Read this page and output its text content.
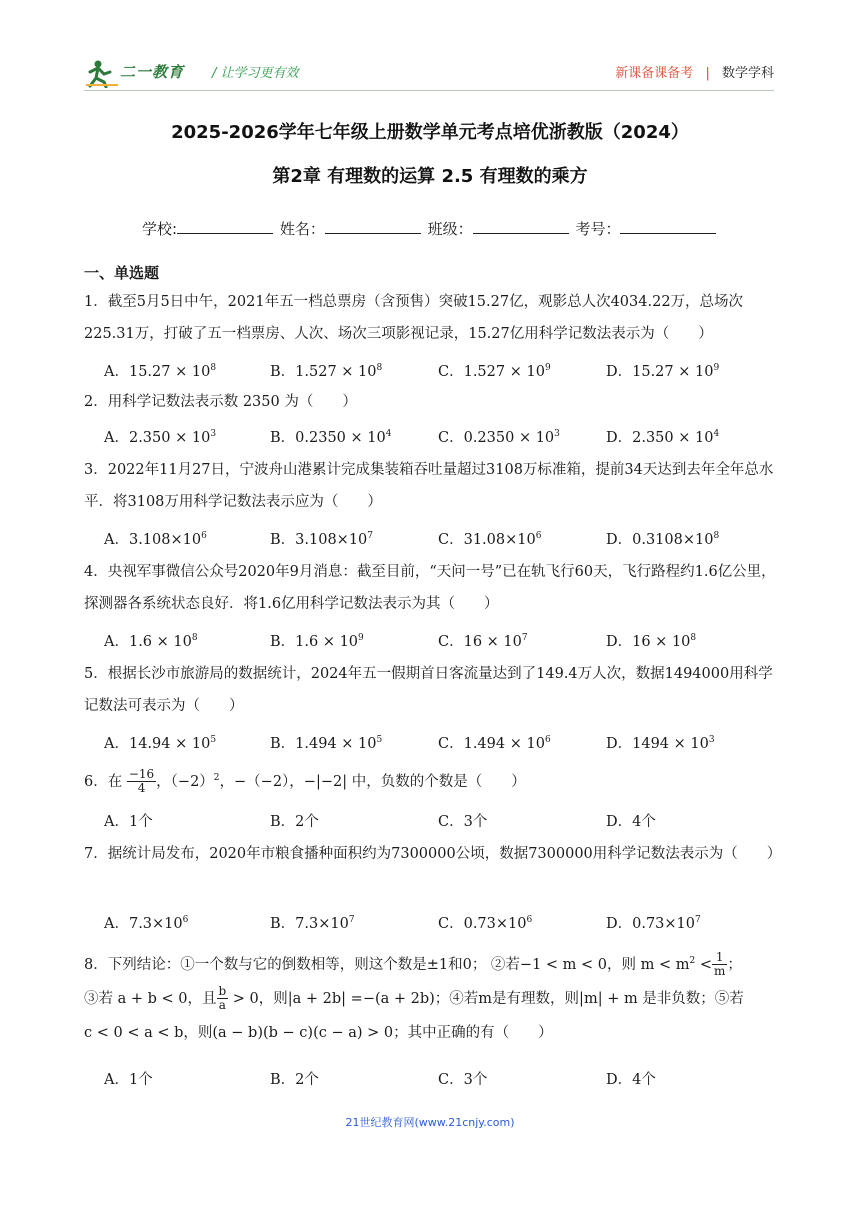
二一教育 / 让学习更有效	新课备课备考 | 数学学科
2025-2026学年七年级上册数学单元考点培优浙教版（2024）
第2章 有理数的运算 2.5 有理数的乘方
学校:	姓名：	班级：	考号：
一、单选题
1．截至5月5日中午，2021年五一档总票房（含预售）突破15.27亿，观影总人次4034.22万，总场次225.31万，打破了五一档票房、人次、场次三项影视记录，15.27亿用科学记数法表示为（　　）
A．$15.27 \times 10^8$	B．$1.527 \times 10^8$	C．$1.527 \times 10^9$	D．$15.27 \times 10^9$
2．用科学记数法表示数 2350 为（　　）
A．$2.350 \times 10^3$	B．$0.2350 \times 10^4$	C．$0.2350 \times 10^3$	D．$2.350 \times 10^4$
3．2022年11月27日，宁波舟山港累计完成集装箱吞吐量超过3108万标准箱，提前34天达到去年全年总水平．将3108万用科学记数法表示应为（　　）
A．$3.108\times 10^6$	B．$3.108\times 10^7$	C．$31.08\times 10^6$	D．$0.3108\times 10^8$
4．央视军事微信公众号2020年9月消息：截至目前，“天问一号”已在轨飞行60天，飞行路程约1.6亿公里，探测器各系统状态良好．将1.6亿用科学记数法表示为其（　　）
A．$1.6 \times 10^8$	B．$1.6 \times 10^9$	C．$16 \times 10^7$	D．$16 \times 10^8$
5．根据长沙市旅游局的数据统计，2024年五一假期首日客流量达到了149.4万人次，数据1494000用科学记数法可表示为（　　）
A．$14.94 \times 10^5$	B．$1.494 \times 10^5$	C．$1.494 \times 10^6$	D．$1494 \times 10^3$
6．在 $\frac{-16}{4}$ ，$(-2)^2$，−（−2），−|−2| 中，负数的个数是（　　）
A．1个	B．2个	C．3个	D．4个
7．据统计局发布，2020年市粮食播种面积约为7300000公顷，数据7300000用科学记数法表示为（　　）
A．$7.3\times 10^6$	B．$7.3\times 10^7$	C．$0.73\times 10^6$	D．$0.73\times 10^7$
8．下列结论：①一个数与它的倒数相等，则这个数是±1和0； ②若−1 < m < 0，则 $m < m^2 < \frac{1}{m}$ ；
③若 a + b < 0，且 $\frac{b}{a} > 0$，则|a + 2b| =−(a + 2b)；④若m是有理数，则|m| + m 是非负数；⑤若
c < 0 < a < b，则(a − b)(b − c)(c − a) > 0；其中正确的有（　　）
A．1个	B．2个	C．3个	D．4个
21世纪教育网(www.21cnjy.com)
